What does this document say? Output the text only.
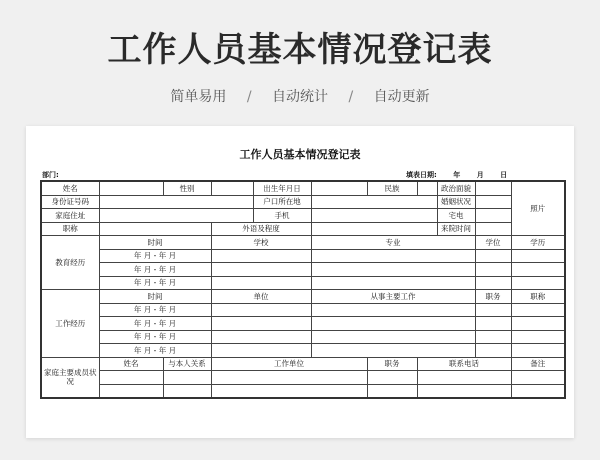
工作人员基本情况登记表
简单易用 / 自动统计 / 自动更新
工作人员基本情况登记表
部门:	填表日期: 年 月 日
姓名		性别		出生年月日		民族		政治面貌		照片
身份证号码				户口所在地				婚姻状况		
家庭住址				手机				宅电		
职称			外语及程度					来院时间		
教育经历	时间		学校		专业				学位	学历
	年 月 - 年 月									
	年 月 - 年 月									
	年 月 - 年 月									
工作经历	时间		单位		从事主要工作				职务	职称
	年 月 - 年 月									
	年 月 - 年 月									
	年 月 - 年 月									
	年 月 - 年 月									
家庭主要成员状况	姓名	与本人关系	工作单位			职务	联系电话			备注
